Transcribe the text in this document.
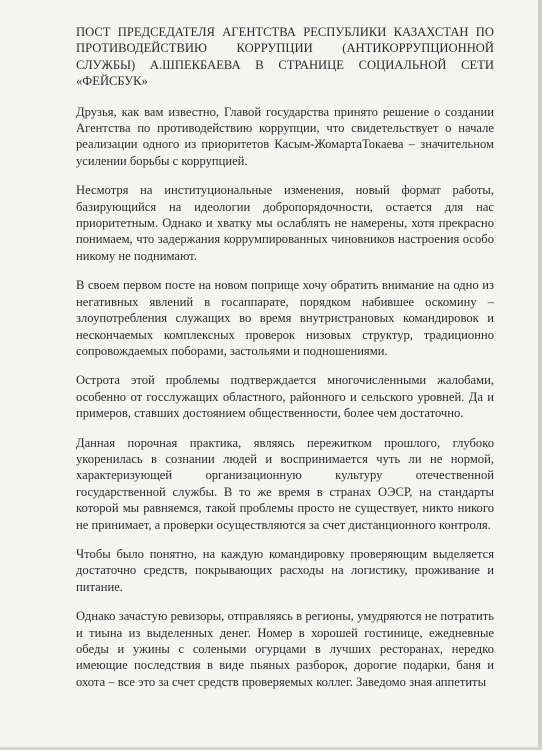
ПОСТ ПРЕДСЕДАТЕЛЯ АГЕНТСТВА РЕСПУБЛИКИ КАЗАХСТАН ПО ПРОТИВОДЕЙСТВИЮ КОРРУПЦИИ (АНТИКОРРУПЦИОННОЙ СЛУЖБЫ) А.ШПЕКБАЕВА В СТРАНИЦЕ СОЦИАЛЬНОЙ СЕТИ «ФЕЙСБУК»

Друзья, как вам известно, Главой государства принято решение о создании Агентства по противодействию коррупции, что свидетельствует о начале реализации одного из приоритетов Касым-ЖомартаТокаева – значительном усилении борьбы с коррупцией.

Несмотря на институциональные изменения, новый формат работы, базирующийся на идеологии добропорядочности, остается для нас приоритетным. Однако и хватку мы ослаблять не намерены, хотя прекрасно понимаем, что задержания коррумпированных чиновников настроения особо никому не поднимают.

В своем первом посте на новом поприще хочу обратить внимание на одно из негативных явлений в госаппарате, порядком набившее оскомину – злоупотребления служащих во время внутристрановых командировок и нескончаемых комплексных проверок низовых структур, традиционно сопровождаемых поборами, застольями и подношениями.

Острота этой проблемы подтверждается многочисленными жалобами, особенно от госслужащих областного, районного и сельского уровней. Да и примеров, ставших достоянием общественности, более чем достаточно.

Данная порочная практика, являясь пережитком прошлого, глубоко укоренилась в сознании людей и воспринимается чуть ли не нормой, характеризующей организационную культуру отечественной государственной службы. В то же время в странах ОЭСР, на стандарты которой мы равняемся, такой проблемы просто не существует, никто никого не принимает, а проверки осуществляются за счет дистанционного контроля.

Чтобы было понятно, на каждую командировку проверяющим выделяется достаточно средств, покрывающих расходы на логистику, проживание и питание.

Однако зачастую ревизоры, отправляясь в регионы, умудряются не потратить и тиына из выделенных денег. Номер в хорошей гостинице, ежедневные обеды и ужины с солеными огурцами в лучших ресторанах, нередко имеющие последствия в виде пьяных разборок, дорогие подарки, баня и охота – все это за счет средств проверяемых коллег. Заведомо зная аппетиты
